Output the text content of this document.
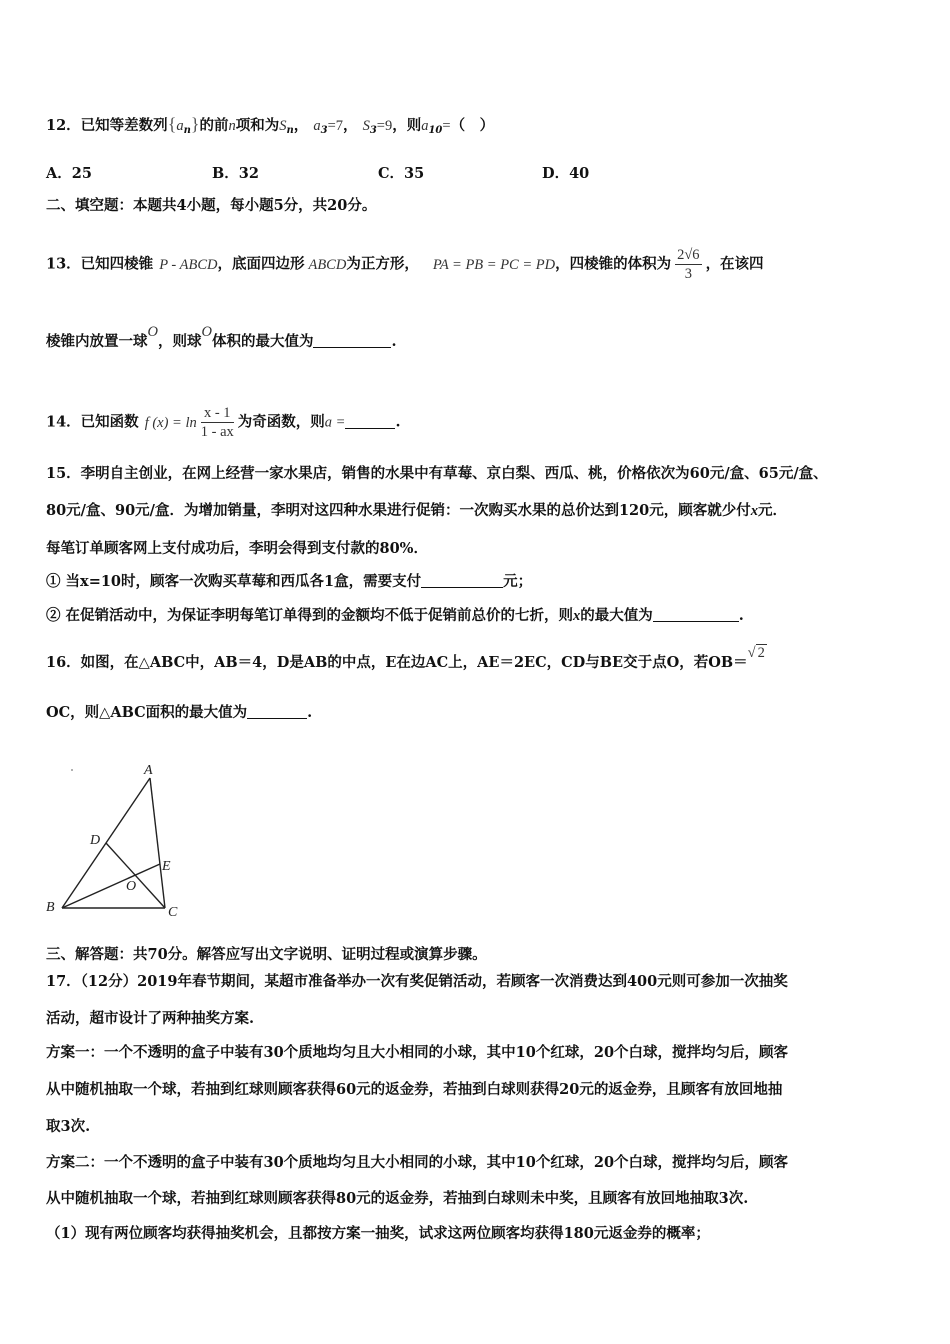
12．已知等差数列$\{a_n\}$的前n项和为$S_n$， $a_3=7$， $S_3=9$，则$a_{10}=$（　）
A．25	B．32	C．35	D．40
二、填空题：本题共4小题，每小题5分，共20分。
13．已知四棱锥 P - ABCD，底面四边形 ABCD为正方形， PA = PB = PC = PD，四棱锥的体积为 $\frac{2√6}{3}$ ，在该四
棱锥内放置一球O，则球O体积的最大值为	.
14．已知函数 f $(x) = \ln \frac{x - 1}{1 - ax}$ 为奇函数，则a =	.
15．李明自主创业，在网上经营一家水果店，销售的水果中有草莓、京白梨、西瓜、桃，价格依次为60元/盒、65元/盒、
80元/盒、90元/盒．为增加销量，李明对这四种水果进行促销：一次购买水果的总价达到120元，顾客就少付x元．
每笔订单顾客网上支付成功后，李明会得到支付款的80%．
① 当x=10时，顾客一次购买草莓和西瓜各1盒，需要支付	元；
② 在促销活动中，为保证李明每笔订单得到的金额均不低于促销前总价的七折，则x的最大值为	.
16．如图，在△ABC中，AB＝4，D是AB的中点，E在边AC上，AE＝2EC，CD与BE交于点O，若OB＝√ 2
OC，则△ABC面积的最大值为	.
A
B	C
D
E
O
三、解答题：共70分。解答应写出文字说明、证明过程或演算步骤。
17．（12分）2019年春节期间，某超市准备举办一次有奖促销活动，若顾客一次消费达到400元则可参加一次抽奖
活动，超市设计了两种抽奖方案.
方案一：一个不透明的盒子中装有30个质地均匀且大小相同的小球，其中10个红球，20个白球，搅拌均匀后，顾客
从中随机抽取一个球，若抽到红球则顾客获得60元的返金券，若抽到白球则获得20元的返金券，且顾客有放回地抽
取3次.
方案二：一个不透明的盒子中装有30个质地均匀且大小相同的小球，其中10个红球，20个白球，搅拌均匀后，顾客
从中随机抽取一个球，若抽到红球则顾客获得80元的返金券，若抽到白球则未中奖，且顾客有放回地抽取3次.
（1）现有两位顾客均获得抽奖机会，且都按方案一抽奖，试求这两位顾客均获得180元返金券的概率；
